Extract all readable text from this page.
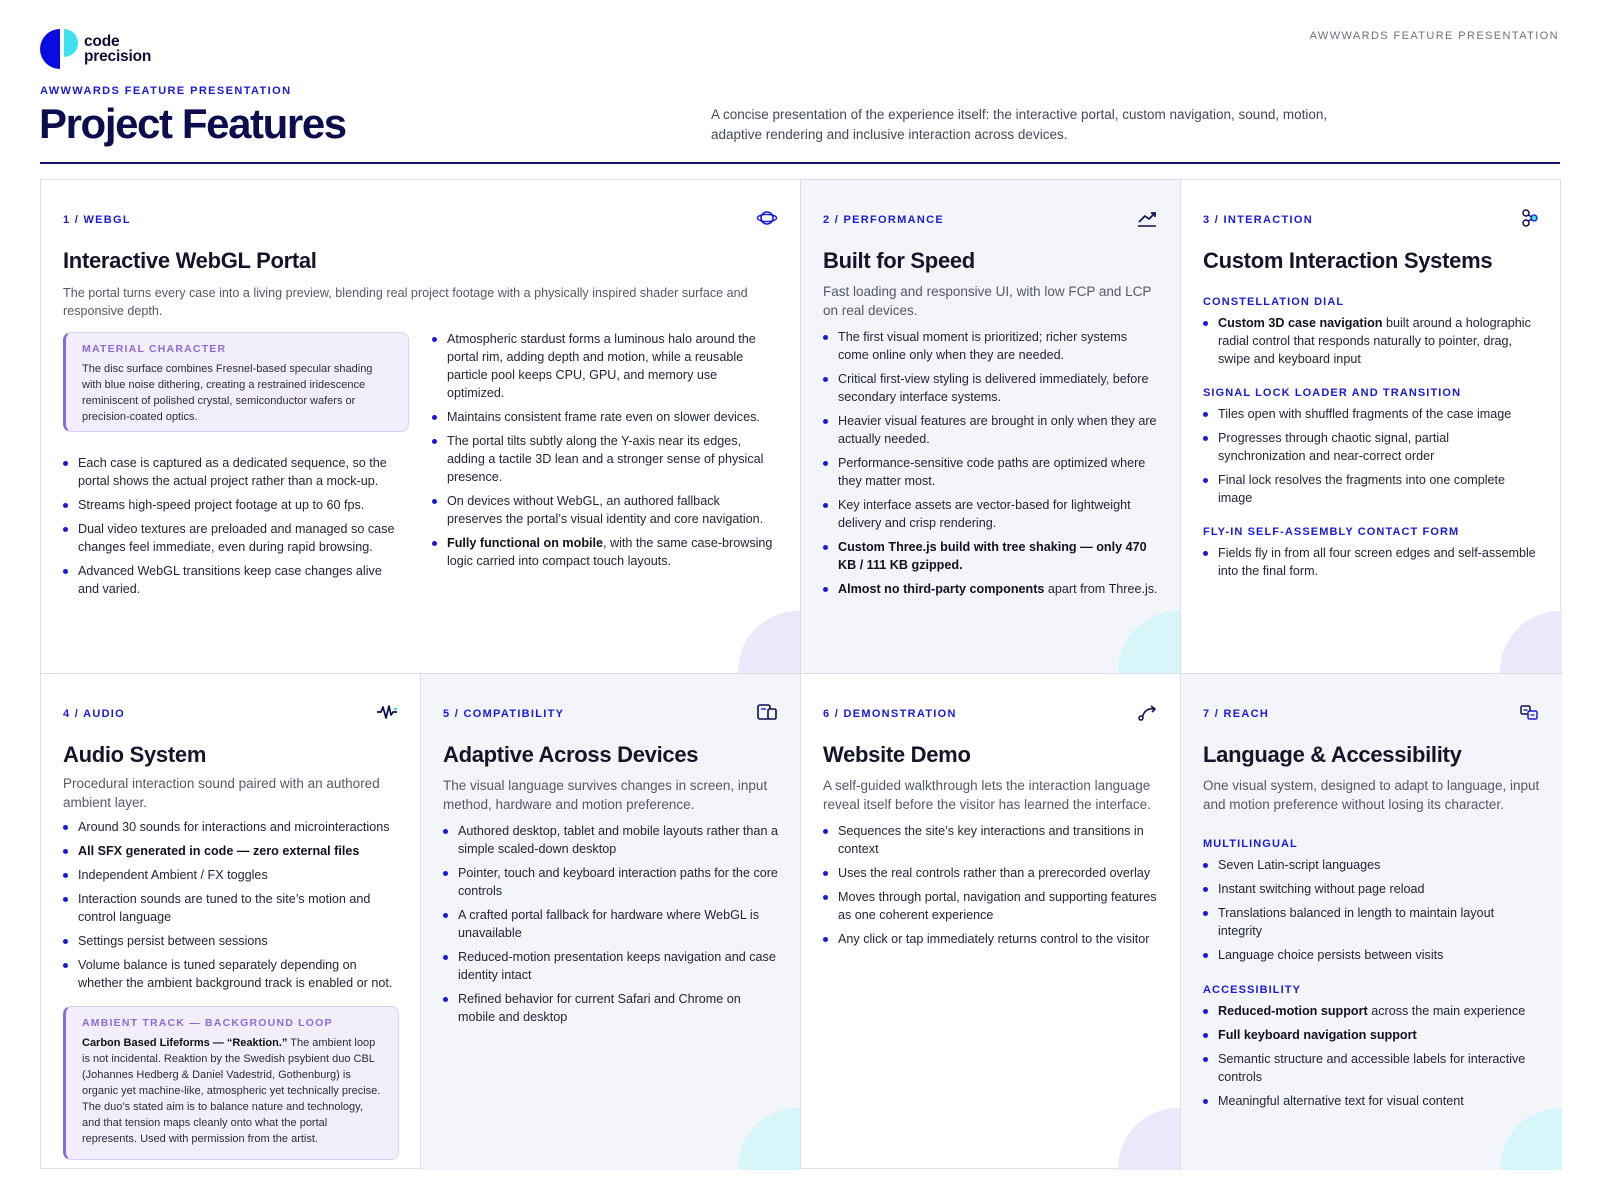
code
precision
AWWWARDS FEATURE PRESENTATION
AWWWARDS FEATURE PRESENTATION
Project Features	A concise presentation of the experience itself: the interactive portal, custom navigation, sound, motion, adaptive rendering and inclusive interaction across devices.

1 / WEBGL
Interactive WebGL Portal

The portal turns every case into a living preview, blending real project footage with a physically inspired shader surface and responsive depth.

MATERIAL CHARACTER
The disc surface combines Fresnel-based specular shading with blue noise dithering, creating a restrained iridescence reminiscent of polished crystal, semiconductor wafers or precision-coated optics.
Each case is captured as a dedicated sequence, so the portal shows the actual project rather than a mock-up.
Streams high-speed project footage at up to 60 fps.
Dual video textures are preloaded and managed so case changes feel immediate, even during rapid browsing.
Advanced WebGL transitions keep case changes alive and varied.
Atmospheric stardust forms a luminous halo around the portal rim, adding depth and motion, while a reusable particle pool keeps CPU, GPU, and memory use optimized.
Maintains consistent frame rate even on slower devices.
The portal tilts subtly along the Y-axis near its edges, adding a tactile 3D lean and a stronger sense of physical presence.
On devices without WebGL, an authored fallback preserves the portal’s visual identity and core navigation.
Fully functional on mobile, with the same case-browsing logic carried into compact touch layouts.
2 / PERFORMANCE
Built for Speed

Fast loading and responsive UI, with low FCP and LCP on real devices.

The first visual moment is prioritized; richer systems come online only when they are needed.
Critical first-view styling is delivered immediately, before secondary interface systems.
Heavier visual features are brought in only when they are actually needed.
Performance-sensitive code paths are optimized where they matter most.
Key interface assets are vector-based for lightweight delivery and crisp rendering.
Custom Three.js build with tree shaking — only 470 KB / 111 KB gzipped.
Almost no third-party components apart from Three.js.
3 / INTERACTION
Custom Interaction Systems
CONSTELLATION DIAL
Custom 3D case navigation built around a holographic radial control that responds naturally to pointer, drag, swipe and keyboard input
SIGNAL LOCK LOADER AND TRANSITION
Tiles open with shuffled fragments of the case image
Progresses through chaotic signal, partial synchronization and near-correct order
Final lock resolves the fragments into one complete image
FLY-IN SELF-ASSEMBLY CONTACT FORM
Fields fly in from all four screen edges and self-assemble into the final form.
4 / AUDIO
Audio System

Procedural interaction sound paired with an authored ambient layer.

Around 30 sounds for interactions and microinteractions
All SFX generated in code — zero external files
Independent Ambient / FX toggles
Interaction sounds are tuned to the site’s motion and control language
Settings persist between sessions
Volume balance is tuned separately depending on whether the ambient background track is enabled or not.
AMBIENT TRACK — BACKGROUND LOOP
Carbon Based Lifeforms — “Reaktion.” The ambient loop is not incidental. Reaktion by the Swedish psybient duo CBL (Johannes Hedberg & Daniel Vadestrid, Gothenburg) is organic yet machine-like, atmospheric yet technically precise. The duo’s stated aim is to balance nature and technology, and that tension maps cleanly onto what the portal represents. Used with permission from the artist.
5 / COMPATIBILITY
Adaptive Across Devices

The visual language survives changes in screen, input method, hardware and motion preference.

Authored desktop, tablet and mobile layouts rather than a simple scaled-down desktop
Pointer, touch and keyboard interaction paths for the core controls
A crafted portal fallback for hardware where WebGL is unavailable
Reduced-motion presentation keeps navigation and case identity intact
Refined behavior for current Safari and Chrome on mobile and desktop
6 / DEMONSTRATION
Website Demo

A self-guided walkthrough lets the interaction language reveal itself before the visitor has learned the interface.

Sequences the site’s key interactions and transitions in context
Uses the real controls rather than a prerecorded overlay
Moves through portal, navigation and supporting features as one coherent experience
Any click or tap immediately returns control to the visitor
7 / REACH
Language & Accessibility

One visual system, designed to adapt to language, input and motion preference without losing its character.

MULTILINGUAL
Seven Latin-script languages
Instant switching without page reload
Translations balanced in length to maintain layout integrity
Language choice persists between visits
ACCESSIBILITY
Reduced-motion support across the main experience
Full keyboard navigation support
Semantic structure and accessible labels for interactive controls
Meaningful alternative text for visual content
